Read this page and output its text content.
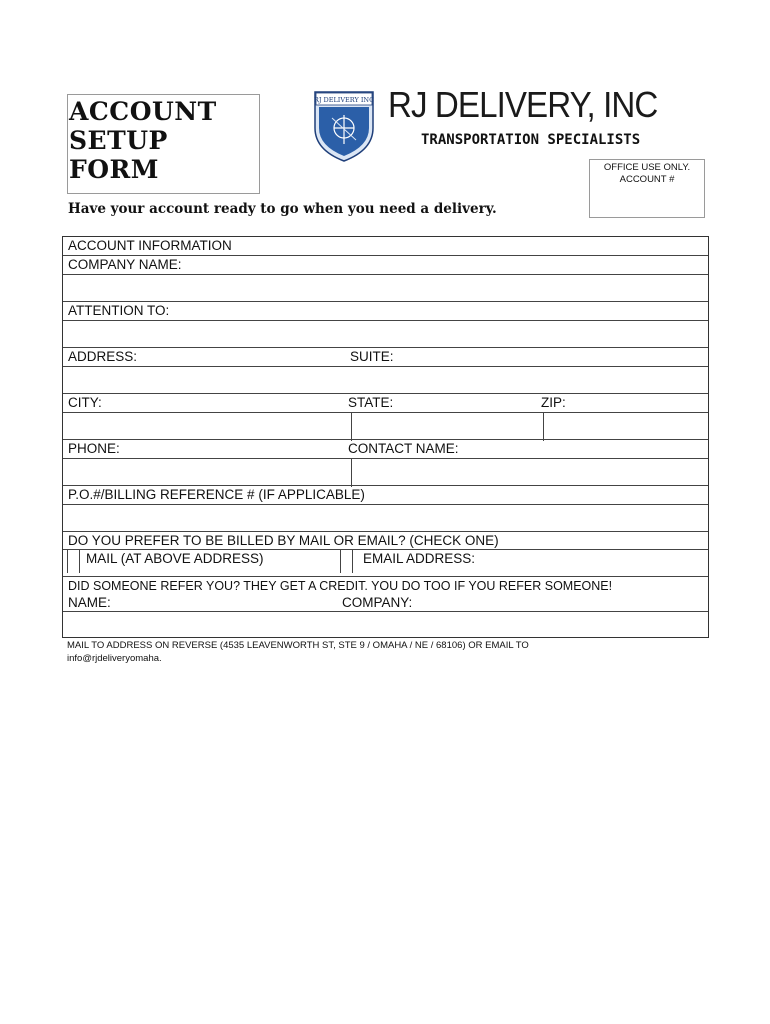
ACCOUNT
SETUP FORM
RJ DELIVERY INC RJ DELIVERY, INC
TRANSPORTATION SPECIALISTS
OFFICE USE ONLY.
ACCOUNT #
Have your account ready to go when you need a delivery.
ACCOUNT INFORMATION
COMPANY NAME:
ATTENTION TO:
ADDRESS:	SUITE:
CITY:	STATE:	ZIP:
PHONE:	CONTACT NAME:
P.O.#/BILLING REFERENCE # (IF APPLICABLE)
DO YOU PREFER TO BE BILLED BY MAIL OR EMAIL? (CHECK ONE)
MAIL (AT ABOVE ADDRESS)	EMAIL ADDRESS:
DID SOMEONE REFER YOU? THEY GET A CREDIT. YOU DO TOO IF YOU REFER SOMEONE!
NAME:	COMPANY:
MAIL TO ADDRESS ON REVERSE (4535 LEAVENWORTH ST, STE 9 / OMAHA / NE / 68106) OR EMAIL TO
info@rjdeliveryomaha.
